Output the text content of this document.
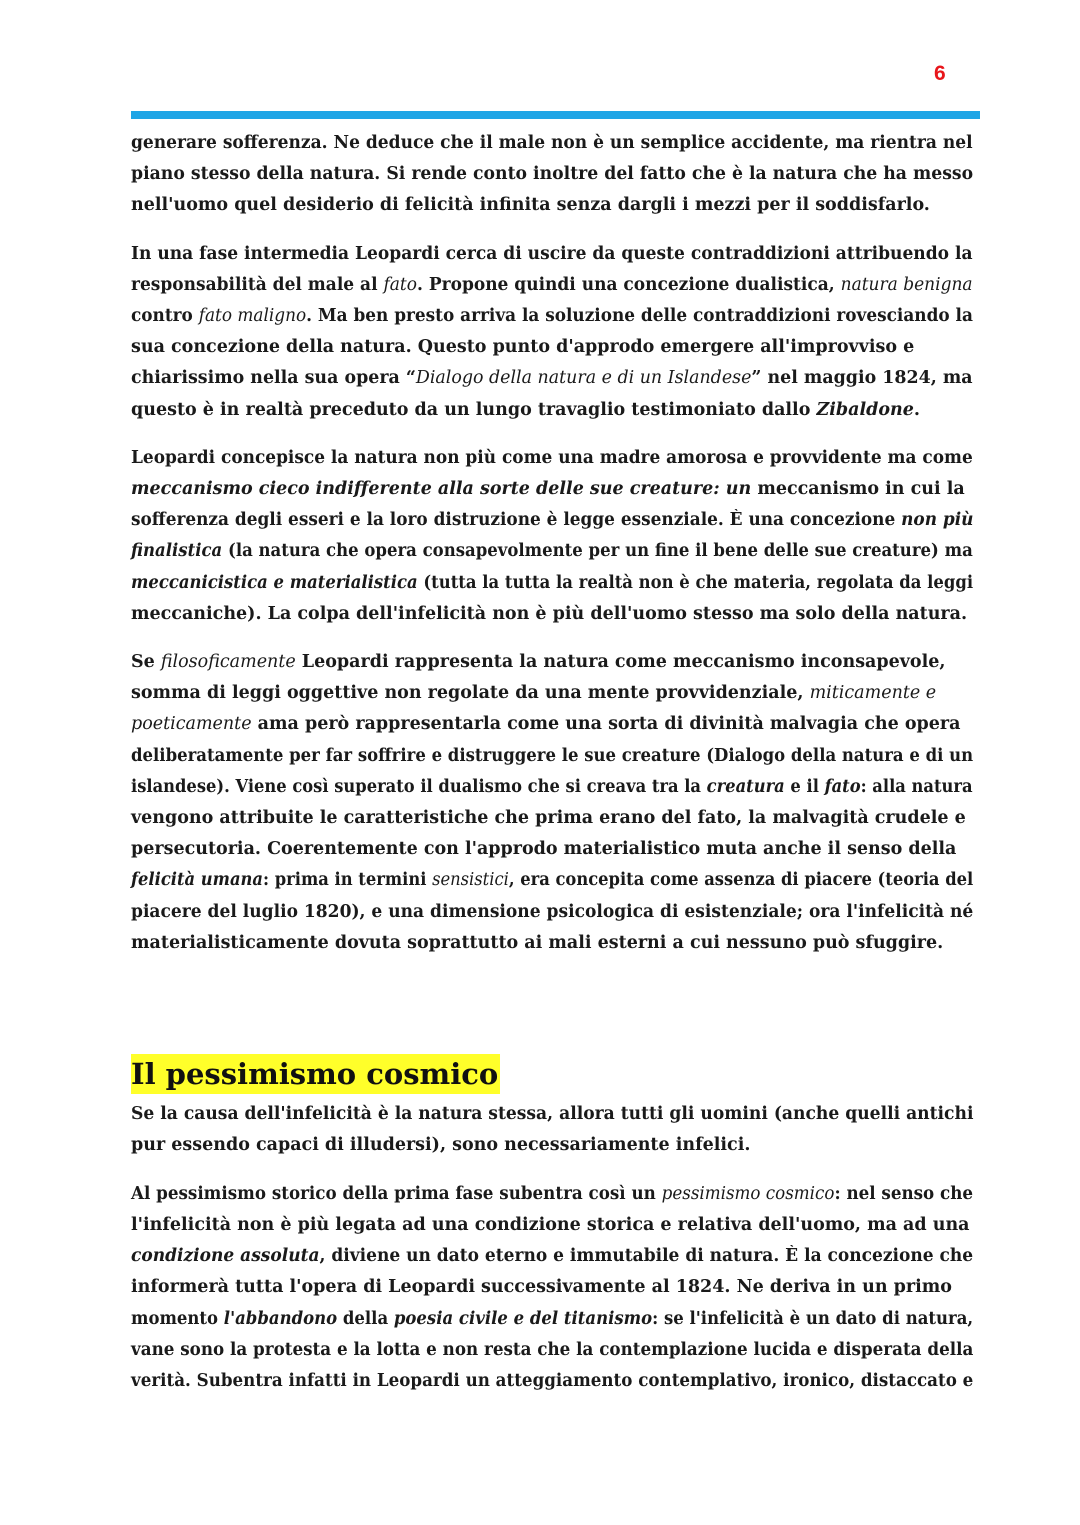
6

generare sofferenza. Ne deduce che il male non è un semplice accidente, ma rientra nel
piano stesso della natura. Si rende conto inoltre del fatto che è la natura che ha messo
nell'uomo quel desiderio di felicità infinita senza dargli i mezzi per il soddisfarlo.

In una fase intermedia Leopardi cerca di uscire da queste contraddizioni attribuendo la
responsabilità del male al fato. Propone quindi una concezione dualistica, natura benigna
contro fato maligno. Ma ben presto arriva la soluzione delle contraddizioni rovesciando la
sua concezione della natura. Questo punto d'approdo emergere all'improvviso e
chiarissimo nella sua opera “Dialogo della natura e di un Islandese” nel maggio 1824, ma
questo è in realtà preceduto da un lungo travaglio testimoniato dallo Zibaldone.

Leopardi concepisce la natura non più come una madre amorosa e provvidente ma come
meccanismo cieco indifferente alla sorte delle sue creature: un meccanismo in cui la
sofferenza degli esseri e la loro distruzione è legge essenziale. È una concezione non più
finalistica (la natura che opera consapevolmente per un fine il bene delle sue creature) ma
meccanicistica e materialistica (tutta la tutta la realtà non è che materia, regolata da leggi
meccaniche). La colpa dell'infelicità non è più dell'uomo stesso ma solo della natura.

Se filosoficamente Leopardi rappresenta la natura come meccanismo inconsapevole,
somma di leggi oggettive non regolate da una mente provvidenziale, miticamente e
poeticamente ama però rappresentarla come una sorta di divinità malvagia che opera
deliberatamente per far soffrire e distruggere le sue creature (Dialogo della natura e di un
islandese). Viene così superato il dualismo che si creava tra la creatura e il fato: alla natura
vengono attribuite le caratteristiche che prima erano del fato, la malvagità crudele e
persecutoria. Coerentemente con l'approdo materialistico muta anche il senso della
felicità umana: prima in termini sensistici, era concepita come assenza di piacere (teoria del
piacere del luglio 1820), e una dimensione psicologica di esistenziale; ora l'infelicità né
materialisticamente dovuta soprattutto ai mali esterni a cui nessuno può sfuggire.

Il pessimismo cosmico

Se la causa dell'infelicità è la natura stessa, allora tutti gli uomini (anche quelli antichi
pur essendo capaci di illudersi), sono necessariamente infelici.

Al pessimismo storico della prima fase subentra così un pessimismo cosmico: nel senso che
l'infelicità non è più legata ad una condizione storica e relativa dell'uomo, ma ad una
condizione assoluta, diviene un dato eterno e immutabile di natura. È la concezione che
informerà tutta l'opera di Leopardi successivamente al 1824. Ne deriva in un primo
momento l'abbandono della poesia civile e del titanismo: se l'infelicità è un dato di natura,
vane sono la protesta e la lotta e non resta che la contemplazione lucida e disperata della
verità. Subentra infatti in Leopardi un atteggiamento contemplativo, ironico, distaccato e
